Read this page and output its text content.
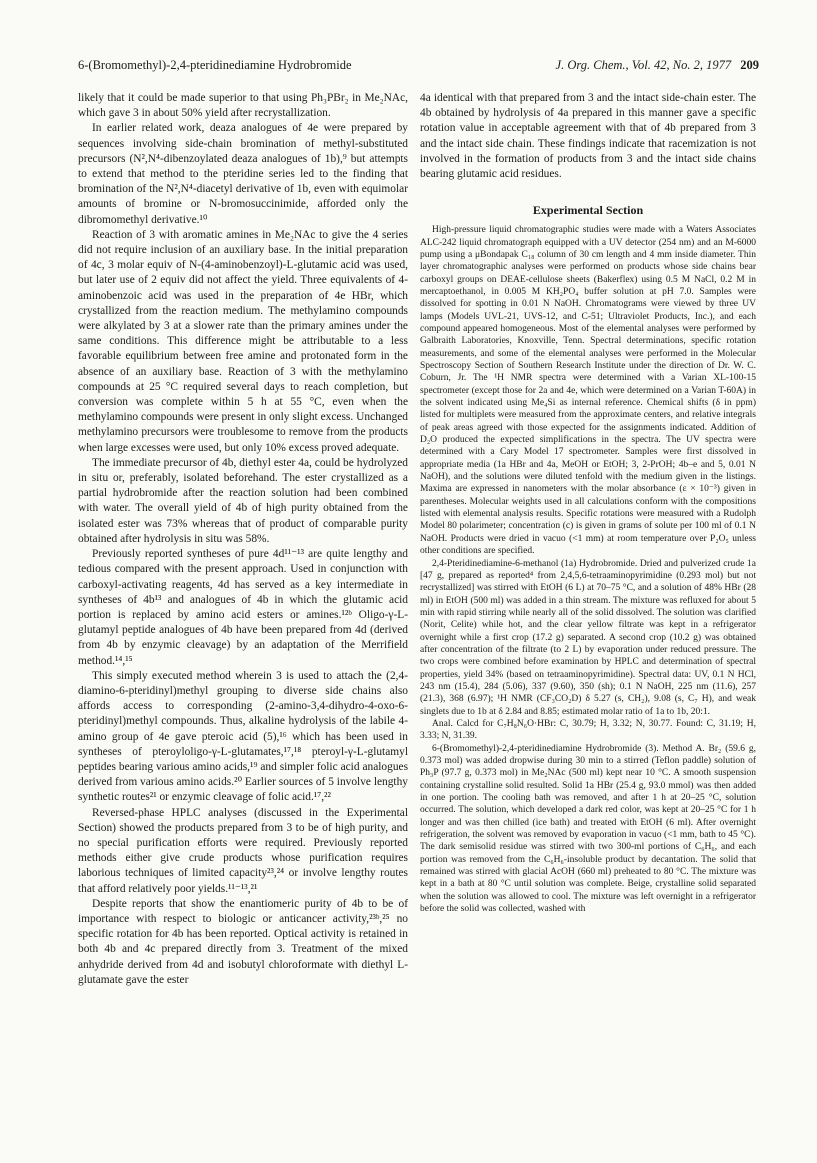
6-(Bromomethyl)-2,4-pteridinediamine Hydrobromide	J. Org. Chem., Vol. 42, No. 2, 1977 209

likely that it could be made superior to that using Ph₃PBr₂ in Me₂NAc, which gave 3 in about 50% yield after recrystallization.

In earlier related work, deaza analogues of 4e were prepared by sequences involving side-chain bromination of methyl-substituted precursors (N²,N⁴-dibenzoylated deaza analogues of 1b),⁹ but attempts to extend that method to the pteridine series led to the finding that bromination of the N²,N⁴-diacetyl derivative of 1b, even with equimolar amounts of bromine or N-bromosuccinimide, afforded only the dibromomethyl derivative.¹⁰

Reaction of 3 with aromatic amines in Me₂NAc to give the 4 series did not require inclusion of an auxiliary base. In the initial preparation of 4c, 3 molar equiv of N-(4-aminobenzoyl)-L-glutamic acid was used, but later use of 2 equiv did not affect the yield. Three equivalents of 4-aminobenzoic acid was used in the preparation of 4e HBr, which crystallized from the reaction medium. The methylamino compounds were alkylated by 3 at a slower rate than the primary amines under the same conditions. This difference might be attributable to a less favorable equilibrium between free amine and protonated form in the absence of an auxiliary base. Reaction of 3 with the methylamino compounds at 25 °C required several days to reach completion, but conversion was complete within 5 h at 55 °C, even when the methylamino compounds were present in only slight excess. Unchanged methylamino precursors were troublesome to remove from the products when large excesses were used, but only 10% excess proved adequate.

The immediate precursor of 4b, diethyl ester 4a, could be hydrolyzed in situ or, preferably, isolated beforehand. The ester crystallized as a partial hydrobromide after the reaction solution had been combined with water. The overall yield of 4b of high purity obtained from the isolated ester was 73% whereas that of product of comparable purity obtained after hydrolysis in situ was 58%.

Previously reported syntheses of pure 4d¹¹⁻¹³ are quite lengthy and tedious compared with the present approach. Used in conjunction with carboxyl-activating reagents, 4d has served as a key intermediate in syntheses of 4b¹³ and analogues of 4b in which the glutamic acid portion is replaced by amino acid esters or amines.¹²ᵇ Oligo-γ-L-glutamyl peptide analogues of 4b have been prepared from 4d (derived from 4b by enzymic cleavage) by an adaptation of the Merrifield method.¹⁴,¹⁵

This simply executed method wherein 3 is used to attach the (2,4-diamino-6-pteridinyl)methyl grouping to diverse side chains also affords access to corresponding (2-amino-3,4-dihydro-4-oxo-6-pteridinyl)methyl compounds. Thus, alkaline hydrolysis of the labile 4-amino group of 4e gave pteroic acid (5),¹⁶ which has been used in syntheses of pteroyloligo-γ-L-glutamates,¹⁷,¹⁸ pteroyl-γ-L-glutamyl peptides bearing various amino acids,¹⁹ and simpler folic acid analogues derived from various amino acids.²⁰ Earlier sources of 5 involve lengthy synthetic routes²¹ or enzymic cleavage of folic acid.¹⁷,²²

Reversed-phase HPLC analyses (discussed in the Experimental Section) showed the products prepared from 3 to be of high purity, and no special purification efforts were required. Previously reported methods either give crude products whose purification requires laborious techniques of limited capacity²³,²⁴ or involve lengthy routes that afford relatively poor yields.¹¹⁻¹³,²¹

Despite reports that show the enantiomeric purity of 4b to be of importance with respect to biologic or anticancer activity,²³ᵇ,²⁵ no specific rotation for 4b has been reported. Optical activity is retained in both 4b and 4c prepared directly from 3. Treatment of the mixed anhydride derived from 4d and isobutyl chloroformate with diethyl L-glutamate gave the ester

4a identical with that prepared from 3 and the intact side-chain ester. The 4b obtained by hydrolysis of 4a prepared in this manner gave a specific rotation value in acceptable agreement with that of 4b prepared from 3 and the intact side chain. These findings indicate that racemization is not involved in the formation of products from 3 and the intact side chains bearing glutamic acid residues.

Experimental Section

High-pressure liquid chromatographic studies were made with a Waters Associates ALC-242 liquid chromatograph equipped with a UV detector (254 nm) and an M-6000 pump using a μBondapak C₁₈ column of 30 cm length and 4 mm inside diameter. Thin layer chromatographic analyses were performed on products whose side chains bear carboxyl groups on DEAE-cellulose sheets (Bakerflex) using 0.5 M NaCl, 0.2 M in mercaptoethanol, in 0.005 M KH₂PO₄ buffer solution at pH 7.0. Samples were dissolved for spotting in 0.01 N NaOH. Chromatograms were viewed by three UV lamps (Models UVL-21, UVS-12, and C-51; Ultraviolet Products, Inc.), and each compound appeared homogeneous. Most of the elemental analyses were performed by Galbraith Laboratories, Knoxville, Tenn. Spectral determinations, specific rotation measurements, and some of the elemental analyses were performed in the Molecular Spectroscopy Section of Southern Research Institute under the direction of Dr. W. C. Coburn, Jr. The ¹H NMR spectra were determined with a Varian XL-100-15 spectrometer (except those for 2a and 4e, which were determined on a Varian T-60A) in the solvent indicated using Me₄Si as internal reference. Chemical shifts (δ in ppm) listed for multiplets were measured from the approximate centers, and relative integrals of peak areas agreed with those expected for the assignments indicated. Addition of D₂O produced the expected simplifications in the spectra. The UV spectra were determined with a Cary Model 17 spectrometer. Samples were first dissolved in appropriate media (1a HBr and 4a, MeOH or EtOH; 3, 2-PrOH; 4b–e and 5, 0.01 N NaOH), and the solutions were diluted tenfold with the medium given in the listings. Maxima are expressed in nanometers with the molar absorbance (ε × 10⁻³) given in parentheses. Molecular weights used in all calculations conform with the compositions listed with elemental analysis results. Specific rotations were measured with a Rudolph Model 80 polarimeter; concentration (c) is given in grams of solute per 100 ml of 0.1 N NaOH. Products were dried in vacuo (<1 mm) at room temperature over P₂O₅ unless other conditions are specified.

2,4-Pteridinediamine-6-methanol (1a) Hydrobromide. Dried and pulverized crude 1a [47 g, prepared as reported⁴ from 2,4,5,6-tetraaminopyrimidine (0.293 mol) but not recrystallized] was stirred with EtOH (6 L) at 70–75 °C, and a solution of 48% HBr (28 ml) in EtOH (500 ml) was added in a thin stream. The mixture was refluxed for about 5 min with rapid stirring while nearly all of the solid dissolved. The solution was clarified (Norit, Celite) while hot, and the clear yellow filtrate was kept in a refrigerator overnight while a first crop (17.2 g) separated. A second crop (10.2 g) was obtained after concentration of the filtrate (to 2 L) by evaporation under reduced pressure. The two crops were combined before examination by HPLC and determination of spectral properties, yield 34% (based on tetraaminopyrimidine). Spectral data: UV, 0.1 N HCl, 243 nm (15.4), 284 (5.06), 337 (9.60), 350 (sh); 0.1 N NaOH, 225 nm (11.6), 257 (21.3), 368 (6.97); ¹H NMR (CF₃CO₂D) δ 5.27 (s, CH₂), 9.08 (s, C₇ H), and weak singlets due to 1b at δ 2.84 and 8.85; estimated molar ratio of 1a to 1b, 20:1.

Anal. Calcd for C₇H₈N₆O·HBr: C, 30.79; H, 3.32; N, 30.77. Found: C, 31.19; H, 3.33; N, 31.39.

6-(Bromomethyl)-2,4-pteridinediamine Hydrobromide (3). Method A. Br₂ (59.6 g, 0.373 mol) was added dropwise during 30 min to a stirred (Teflon paddle) solution of Ph₃P (97.7 g, 0.373 mol) in Me₂NAc (500 ml) kept near 10 °C. A smooth suspension containing crystalline solid resulted. Solid 1a HBr (25.4 g, 93.0 mmol) was then added in one portion. The cooling bath was removed, and after 1 h at 20–25 °C, solution occurred. The solution, which developed a dark red color, was kept at 20–25 °C for 1 h longer and was then chilled (ice bath) and treated with EtOH (6 ml). After overnight refrigeration, the solvent was removed by evaporation in vacuo (<1 mm, bath to 45 °C). The dark semisolid residue was stirred with two 300-ml portions of C₆H₆, and each portion was removed from the C₆H₆-insoluble product by decantation. The solid that remained was stirred with glacial AcOH (660 ml) preheated to 80 °C. The mixture was kept in a bath at 80 °C until solution was complete. Beige, crystalline solid separated when the solution was allowed to cool. The mixture was left overnight in a refrigerator before the solid was collected, washed with
